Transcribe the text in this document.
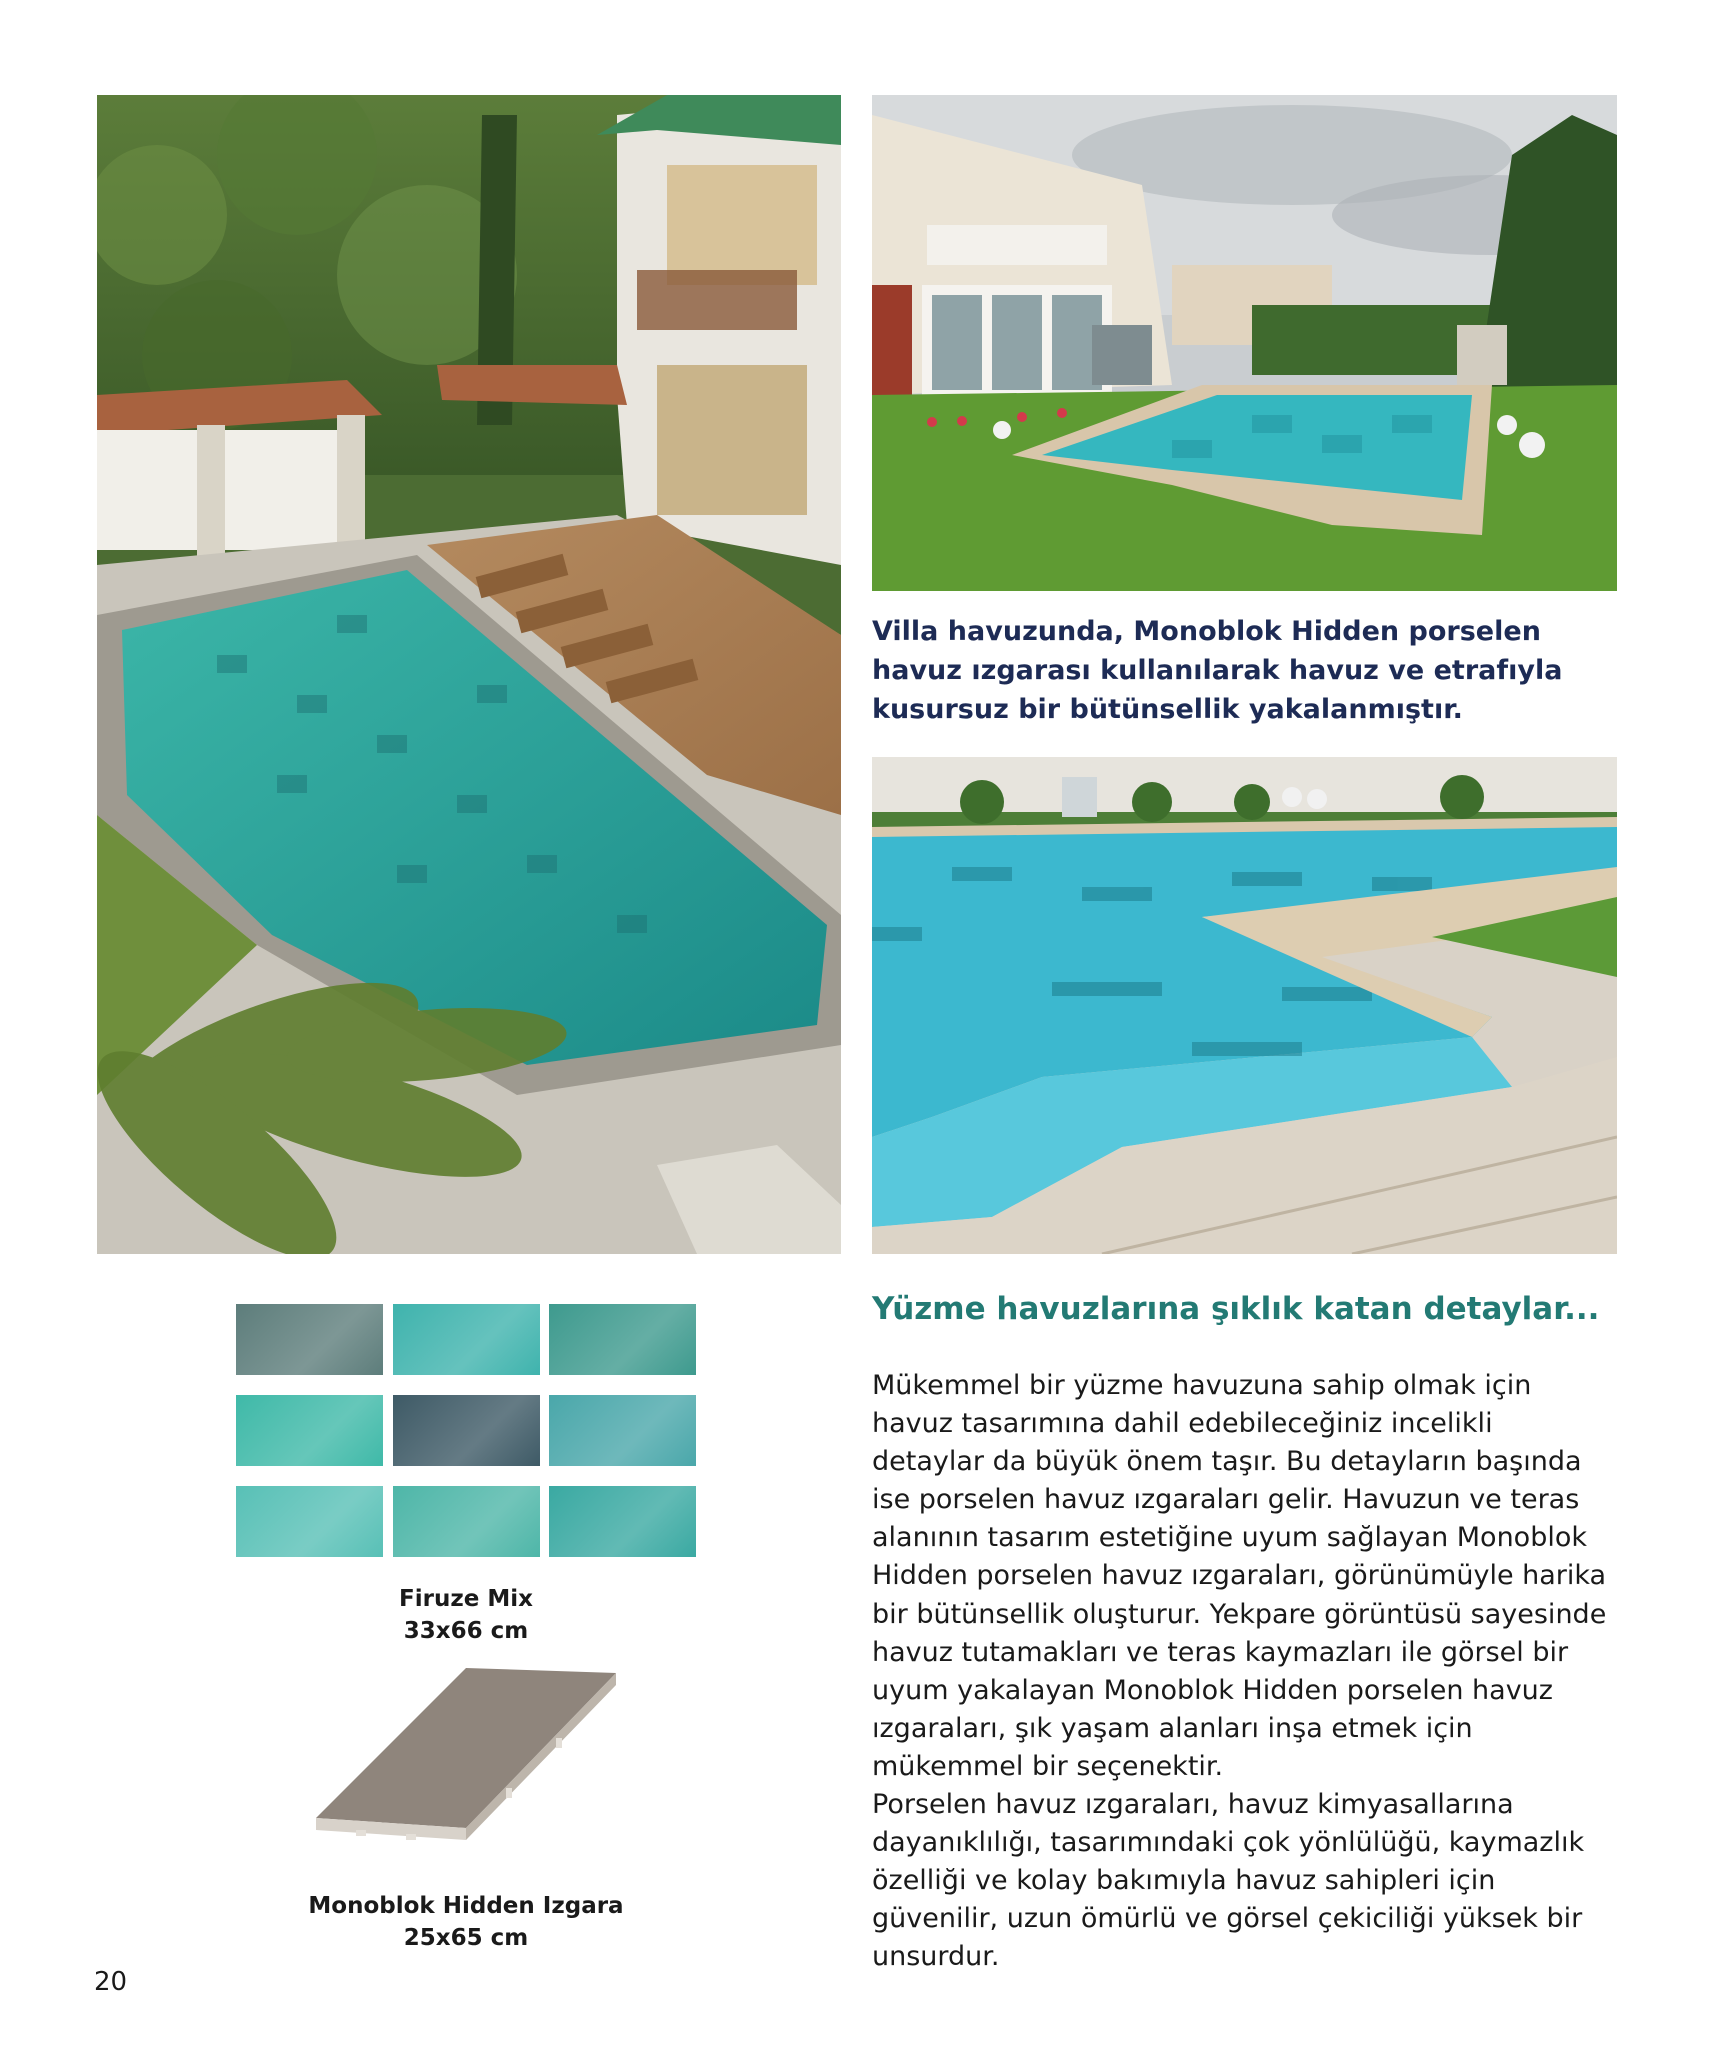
Villa havuzunda, Monoblok Hidden porselen havuz ızgarası kullanılarak havuz ve etrafıyla kusursuz bir bütünsellik yakalanmıştır.

Yüzme havuzlarına şıklık katan detaylar...

Mükemmel bir yüzme havuzuna sahip olmak için havuz tasarımına dahil edebileceğiniz incelikli detaylar da büyük önem taşır. Bu detayların başında ise porselen havuz ızgaraları gelir. Havuzun ve teras alanının tasarım estetiğine uyum sağlayan Monoblok Hidden porselen havuz ızgaraları, görünümüyle harika bir bütünsellik oluşturur. Yekpare görüntüsü sayesinde havuz tutamakları ve teras kaymazları ile görsel bir uyum yakalayan Monoblok Hidden porselen havuz ızgaraları, şık yaşam alanları inşa etmek için mükemmel bir seçenektir.

Porselen havuz ızgaraları, havuz kimyasallarına dayanıklılığı, tasarımındaki çok yönlülüğü, kaymazlık özelliği ve kolay bakımıyla havuz sahipleri için güvenilir, uzun ömürlü ve görsel çekiciliği yüksek bir unsurdur.

Firuze Mix
33x66 cm
Monoblok Hidden Izgara
25x65 cm
20
